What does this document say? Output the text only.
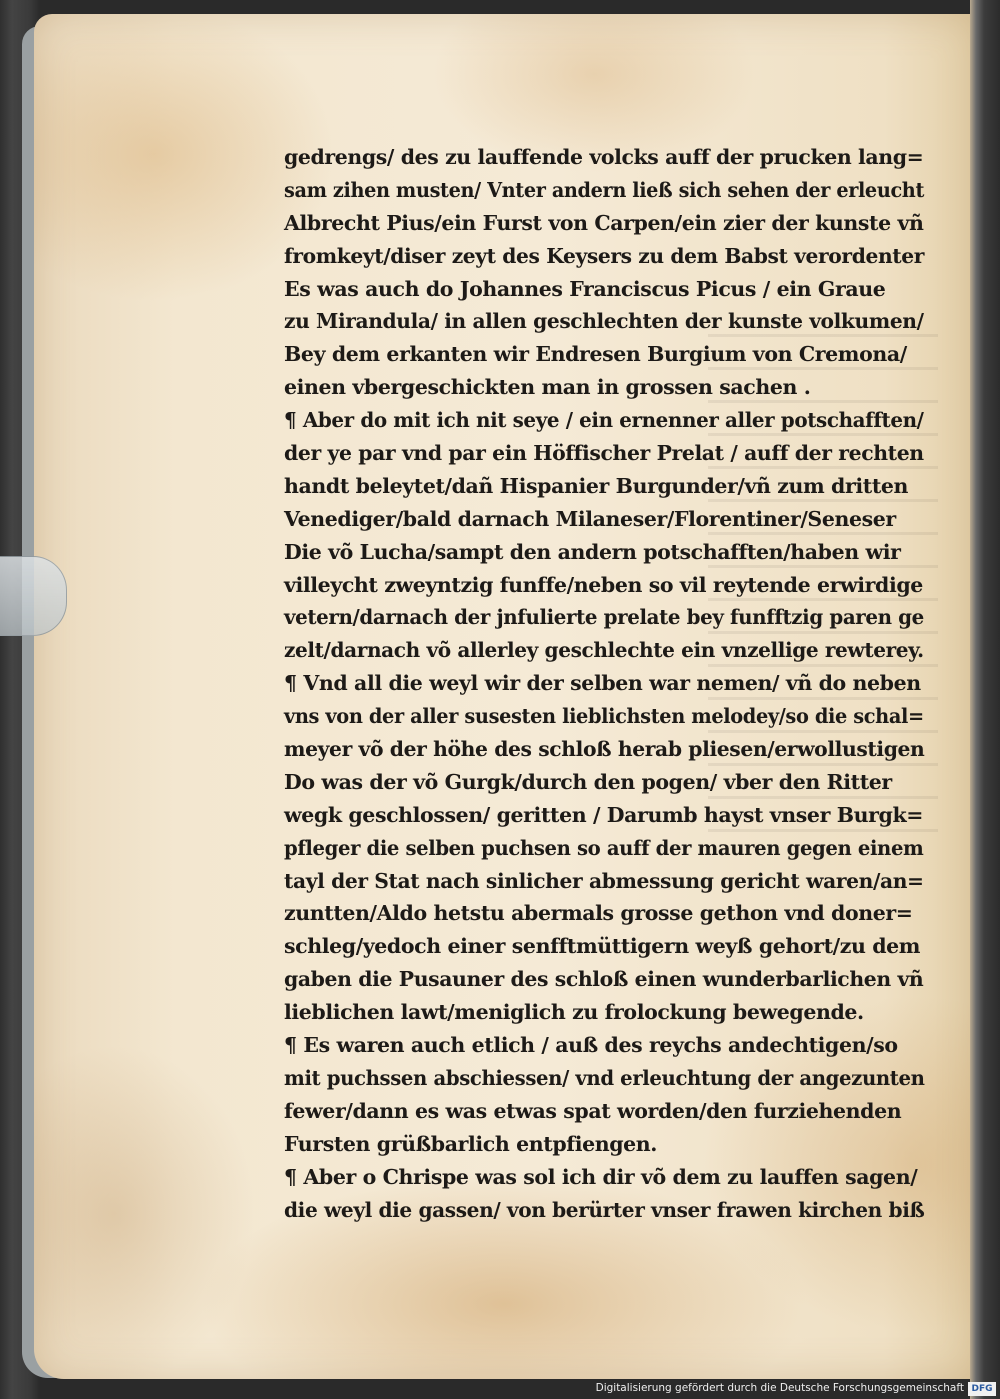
gedrengs/ des zu lauffende volcks auff der prucken lang=
sam zihen musten/ Vnter andern ließ sich sehen der erleucht
Albrecht Pius/ein Furst von Carpen/ein zier der kunste vñ
fromkeyt/diser zeyt des Keysers zu dem Babst verordenter
Es was auch do Johannes Franciscus Picus / ein Graue
zu Mirandula/ in allen geschlechten der kunste volkumen/
Bey dem erkanten wir Endresen Burgium von Cremona/
einen vbergeschickten man in grossen sachen .
¶ Aber do mit ich nit seye / ein ernenner aller potschafften/
der ye par vnd par ein Höffischer Prelat / auff der rechten
handt beleytet/dañ Hispanier Burgunder/vñ zum dritten
Venediger/bald darnach Milaneser/Florentiner/Seneser
Die võ Lucha/sampt den andern potschafften/haben wir
villeycht zweyntzig funffe/neben so vil reytende erwirdige
vetern/darnach der jnfulierte prelate bey funfftzig paren ge
zelt/darnach võ allerley geschlechte ein vnzellige rewterey.
¶ Vnd all die weyl wir der selben war nemen/ vñ do neben
vns von der aller susesten lieblichsten melodey/so die schal=
meyer võ der höhe des schloß herab pliesen/erwollustigen
Do was der võ Gurgk/durch den pogen/ vber den Ritter
wegk geschlossen/ geritten / Darumb hayst vnser Burgk=
pfleger die selben puchsen so auff der mauren gegen einem
tayl der Stat nach sinlicher abmessung gericht waren/an=
zuntten/Aldo hetstu abermals grosse gethon vnd doner=
schleg/yedoch einer senfftmüttigern weyß gehort/zu dem
gaben die Pusauner des schloß einen wunderbarlichen vñ
lieblichen lawt/meniglich zu frolockung bewegende.
¶ Es waren auch etlich / auß des reychs andechtigen/so
mit puchssen abschiessen/ vnd erleuchtung der angezunten
fewer/dann es was etwas spat worden/den furziehenden
Fursten grüßbarlich entpfiengen.
¶ Aber o Chrispe was sol ich dir võ dem zu lauffen sagen/
die weyl die gassen/ von berürter vnser frawen kirchen biß
Digitalisierung gefördert durch die Deutsche Forschungsgemeinschaft DFG
